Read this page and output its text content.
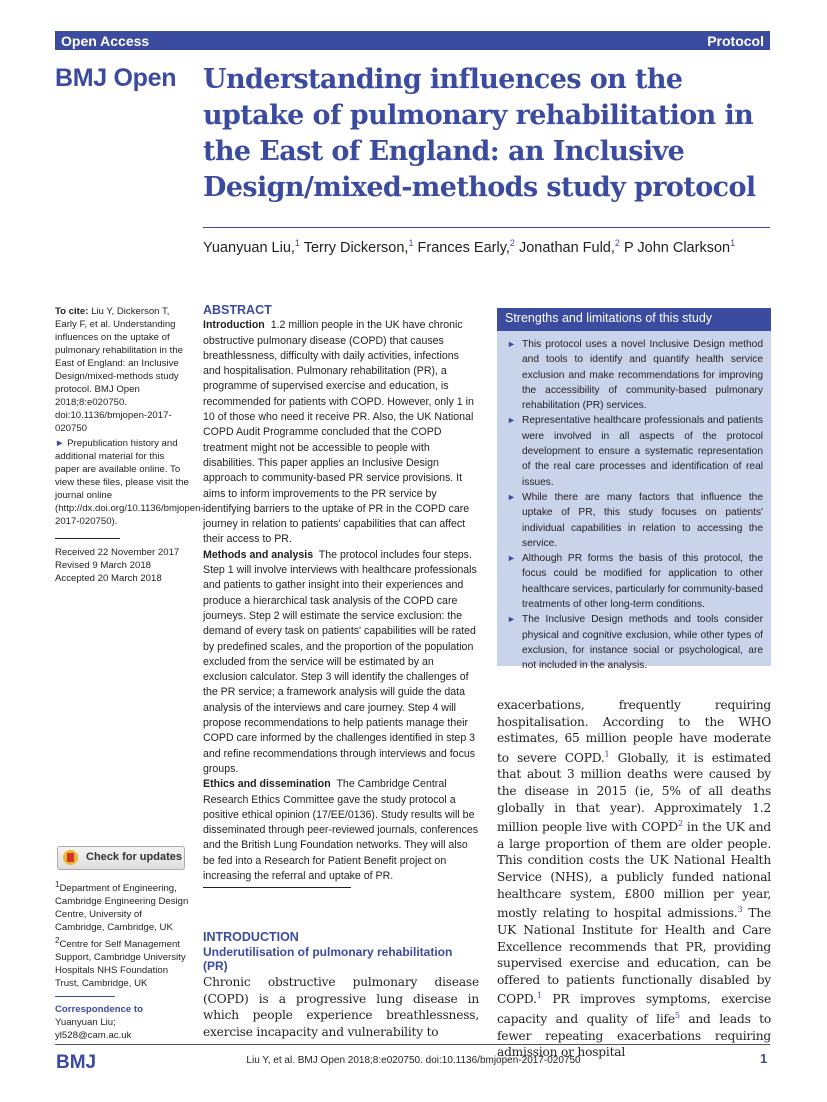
Open Access	Protocol
BMJ Open Understanding influences on the uptake of pulmonary rehabilitation in the East of England: an Inclusive Design/mixed-methods study protocol
Yuanyuan Liu,$^1$ Terry Dickerson,$^1$ Frances Early,$^2$ Jonathan Fuld,$^2$ P John Clarkson$^1$
To cite: Liu Y, Dickerson T, Early F, et al. Understanding influences on the uptake of pulmonary rehabilitation in the East of England: an Inclusive Design/mixed-methods study protocol. BMJ Open 2018;8:e020750. doi:10.1136/bmjopen-2017-020750
► Prepublication history and additional material for this paper are available online. To view these files, please visit the journal online (http://dx.doi.org/10.1136/bmjopen-2017-020750).
Received 22 November 2017
Revised 9 March 2018
Accepted 20 March 2018
Check for updates
$^1$Department of Engineering, Cambridge Engineering Design Centre, University of Cambridge, Cambridge, UK
$^2$Centre for Self Management Support, Cambridge University Hospitals NHS Foundation Trust, Cambridge, UK
Correspondence to
Yuanyuan Liu; yl528@cam.ac.uk
ABSTRACT

Introduction 1.2 million people in the UK have chronic obstructive pulmonary disease (COPD) that causes breathlessness, difficulty with daily activities, infections and hospitalisation. Pulmonary rehabilitation (PR), a programme of supervised exercise and education, is recommended for patients with COPD. However, only 1 in 10 of those who need it receive PR. Also, the UK National COPD Audit Programme concluded that the COPD treatment might not be accessible to people with disabilities. This paper applies an Inclusive Design approach to community-based PR service provisions. It aims to inform improvements to the PR service by identifying barriers to the uptake of PR in the COPD care journey in relation to patients' capabilities that can affect their access to PR.

Methods and analysis The protocol includes four steps. Step 1 will involve interviews with healthcare professionals and patients to gather insight into their experiences and produce a hierarchical task analysis of the COPD care journeys. Step 2 will estimate the service exclusion: the demand of every task on patients' capabilities will be rated by predefined scales, and the proportion of the population excluded from the service will be estimated by an exclusion calculator. Step 3 will identify the challenges of the PR service; a framework analysis will guide the data analysis of the interviews and care journey. Step 4 will propose recommendations to help patients manage their COPD care informed by the challenges identified in step 3 and refine recommendations through interviews and focus groups.

Ethics and dissemination The Cambridge Central Research Ethics Committee gave the study protocol a positive ethical opinion (17/EE/0136). Study results will be disseminated through peer-reviewed journals, conferences and the British Lung Foundation networks. They will also be fed into a Research for Patient Benefit project on increasing the referral and uptake of PR.

INTRODUCTION
Underutilisation of pulmonary rehabilitation (PR)
Chronic obstructive pulmonary disease (COPD) is a progressive lung disease in which people experience breathlessness, exercise incapacity and vulnerability to
Strengths and limitations of this study
► This protocol uses a novel Inclusive Design method and tools to identify and quantify health service exclusion and make recommendations for improving the accessibility of community-based pulmonary rehabilitation (PR) services.
► Representative healthcare professionals and patients were involved in all aspects of the protocol development to ensure a systematic representation of the real care processes and identification of real issues.
► While there are many factors that influence the uptake of PR, this study focuses on patients' individual capabilities in relation to accessing the service.
► Although PR forms the basis of this protocol, the focus could be modified for application to other healthcare services, particularly for community-based treatments of other long-term conditions.
► The Inclusive Design methods and tools consider physical and cognitive exclusion, while other types of exclusion, for instance social or psychological, are not included in the analysis.
exacerbations, frequently requiring hospitalisation. According to the WHO estimates, 65 million people have moderate to severe COPD.$^1$ Globally, it is estimated that about 3 million deaths were caused by the disease in 2015 (ie, 5% of all deaths globally in that year). Approximately 1.2 million people live with COPD$^2$ in the UK and a large proportion of them are older people. This condition costs the UK National Health Service (NHS), a publicly funded national healthcare system, £800 million per year, mostly relating to hospital admissions.$^3$ The UK National Institute for Health and Care Excellence recommends that PR, providing supervised exercise and education, can be offered to patients functionally disabled by COPD.$^1$ PR improves symptoms, exercise capacity and quality of life$^5$ and leads to fewer repeating exacerbations requiring admission or hospital
BMJ	Liu Y, et al. BMJ Open 2018;8:e020750. doi:10.1136/bmjopen-2017-020750	1
